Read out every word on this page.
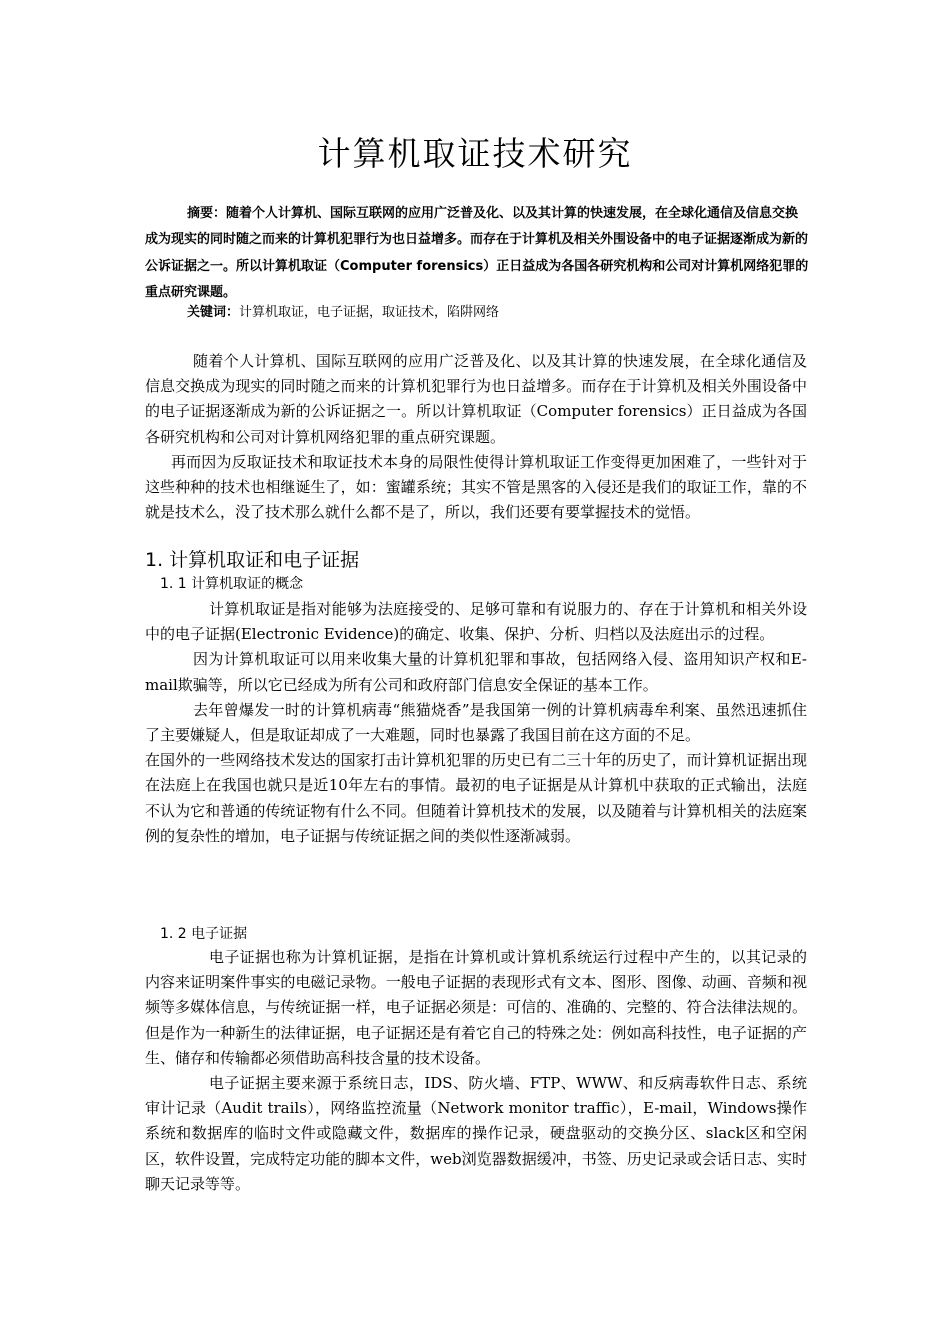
计算机取证技术研究
摘要：随着个人计算机、国际互联网的应用广泛普及化、以及其计算的快速发展，在全球化通信及信息交换成为现实的同时随之而来的计算机犯罪行为也日益增多。而存在于计算机及相关外围设备中的电子证据逐渐成为新的公诉证据之一。所以计算机取证（Computer forensics）正日益成为各国各研究机构和公司对计算机网络犯罪的重点研究课题。
关键词：计算机取证，电子证据，取证技术，陷阱网络

随着个人计算机、国际互联网的应用广泛普及化、以及其计算的快速发展，在全球化通信及信息交换成为现实的同时随之而来的计算机犯罪行为也日益增多。而存在于计算机及相关外围设备中的电子证据逐渐成为新的公诉证据之一。所以计算机取证（Computer forensics）正日益成为各国各研究机构和公司对计算机网络犯罪的重点研究课题。

再而因为反取证技术和取证技术本身的局限性使得计算机取证工作变得更加困难了，一些针对于这些种种的技术也相继诞生了，如：蜜罐系统；其实不管是黑客的入侵还是我们的取证工作，靠的不就是技术么，没了技术那么就什么都不是了，所以，我们还要有要掌握技术的觉悟。

1. 计算机取证和电子证据
1. 1 计算机取证的概念

计算机取证是指对能够为法庭接受的、足够可靠和有说服力的、存在于计算机和相关外设中的电子证据(Electronic Evidence)的确定、收集、保护、分析、归档以及法庭出示的过程。

因为计算机取证可以用来收集大量的计算机犯罪和事故，包括网络入侵、盗用知识产权和E-mail欺骗等，所以它已经成为所有公司和政府部门信息安全保证的基本工作。

去年曾爆发一时的计算机病毒“熊猫烧香”是我国第一例的计算机病毒牟利案、虽然迅速抓住了主要嫌疑人，但是取证却成了一大难题，同时也暴露了我国目前在这方面的不足。

在国外的一些网络技术发达的国家打击计算机犯罪的历史已有二三十年的历史了，而计算机证据出现在法庭上在我国也就只是近10年左右的事情。最初的电子证据是从计算机中获取的正式输出，法庭不认为它和普通的传统证物有什么不同。但随着计算机技术的发展，以及随着与计算机相关的法庭案例的复杂性的增加，电子证据与传统证据之间的类似性逐渐减弱。

1. 2 电子证据

电子证据也称为计算机证据，是指在计算机或计算机系统运行过程中产生的，以其记录的内容来证明案件事实的电磁记录物。一般电子证据的表现形式有文本、图形、图像、动画、音频和视频等多媒体信息，与传统证据一样，电子证据必须是：可信的、准确的、完整的、符合法律法规的。但是作为一种新生的法律证据，电子证据还是有着它自己的特殊之处：例如高科技性，电子证据的产生、储存和传输都必须借助高科技含量的技术设备。

电子证据主要来源于系统日志，IDS、防火墙、FTP、WWW、和反病毒软件日志、系统审计记录（Audit trails），网络监控流量（Network monitor traffic），E-mail，Windows操作系统和数据库的临时文件或隐藏文件，数据库的操作记录，硬盘驱动的交换分区、slack区和空闲区，软件设置，完成特定功能的脚本文件，web浏览器数据缓冲，书签、历史记录或会话日志、实时聊天记录等等。
